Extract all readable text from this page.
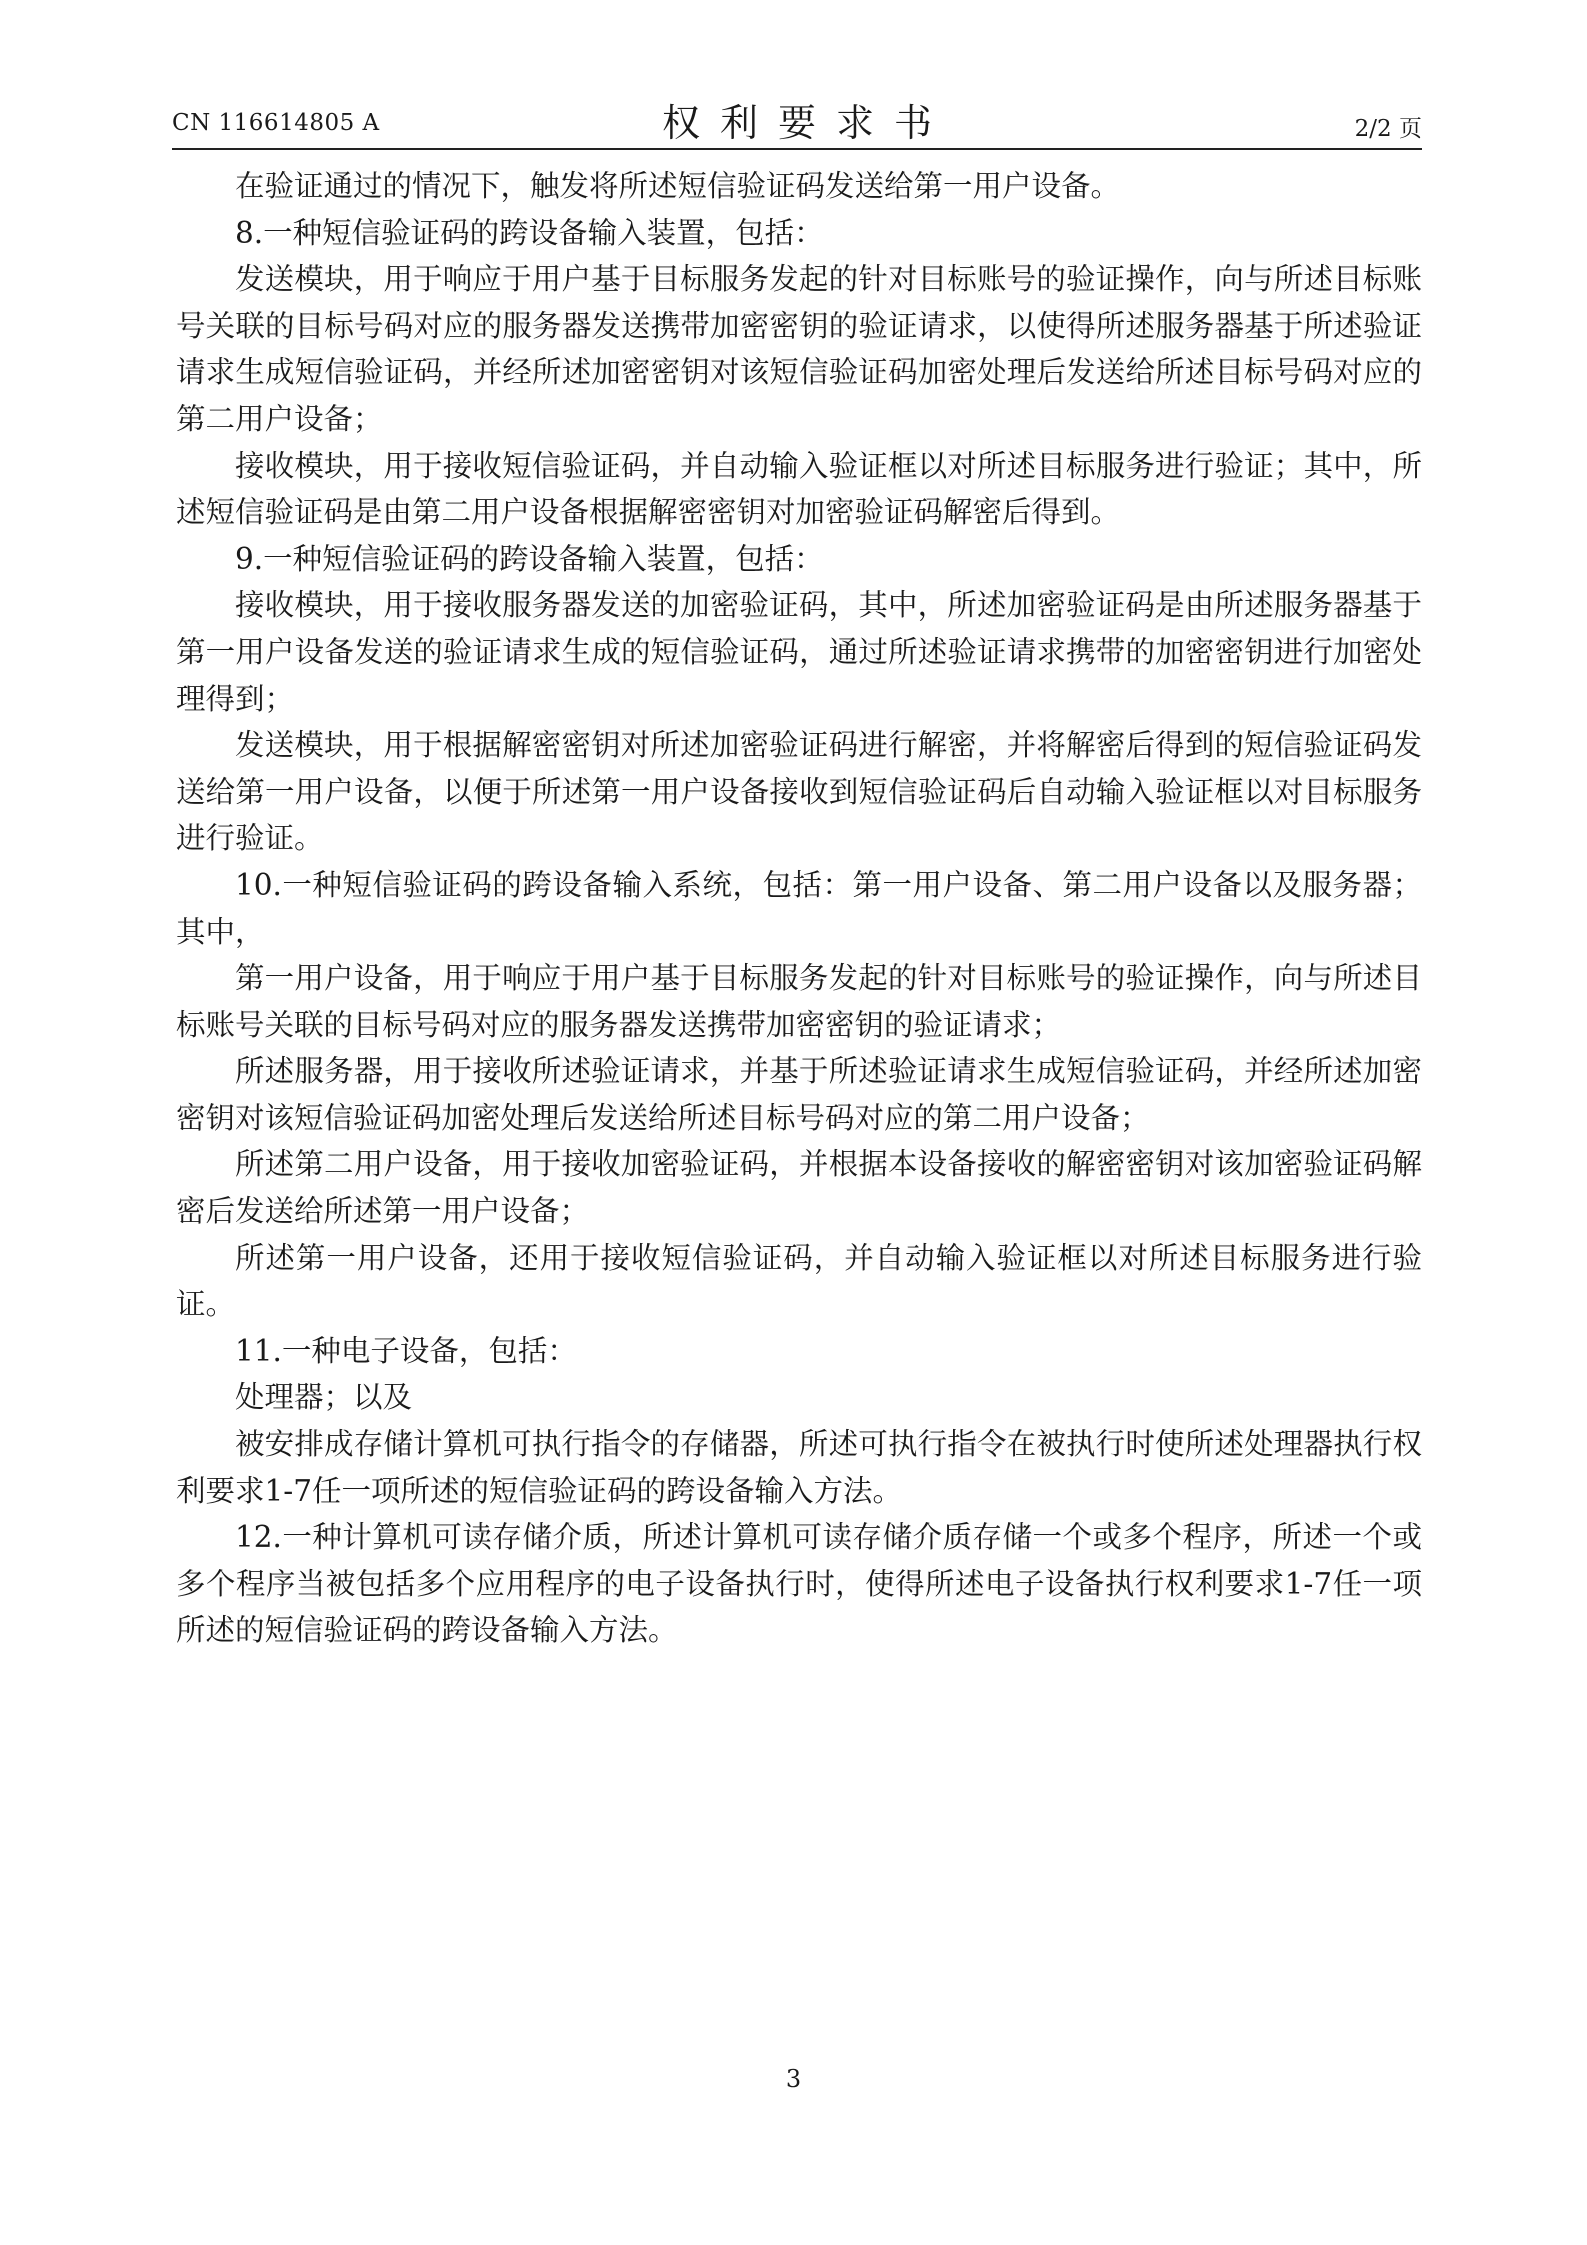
CN 116614805 A	权利要求书	2/2 页

在验证通过的情况下，触发将所述短信验证码发送给第一用户设备。

8.一种短信验证码的跨设备输入装置，包括：

发送模块，用于响应于用户基于目标服务发起的针对目标账号的验证操作，向与所述目标账号关联的目标号码对应的服务器发送携带加密密钥的验证请求，以使得所述服务器基于所述验证请求生成短信验证码，并经所述加密密钥对该短信验证码加密处理后发送给所述目标号码对应的第二用户设备；

接收模块，用于接收短信验证码，并自动输入验证框以对所述目标服务进行验证；其中，所述短信验证码是由第二用户设备根据解密密钥对加密验证码解密后得到。

9.一种短信验证码的跨设备输入装置，包括：

接收模块，用于接收服务器发送的加密验证码，其中，所述加密验证码是由所述服务器基于第一用户设备发送的验证请求生成的短信验证码，通过所述验证请求携带的加密密钥进行加密处理得到；

发送模块，用于根据解密密钥对所述加密验证码进行解密，并将解密后得到的短信验证码发送给第一用户设备，以便于所述第一用户设备接收到短信验证码后自动输入验证框以对目标服务进行验证。

10.一种短信验证码的跨设备输入系统，包括：第一用户设备、第二用户设备以及服务器；其中，

第一用户设备，用于响应于用户基于目标服务发起的针对目标账号的验证操作，向与所述目标账号关联的目标号码对应的服务器发送携带加密密钥的验证请求；

所述服务器，用于接收所述验证请求，并基于所述验证请求生成短信验证码，并经所述加密密钥对该短信验证码加密处理后发送给所述目标号码对应的第二用户设备；

所述第二用户设备，用于接收加密验证码，并根据本设备接收的解密密钥对该加密验证码解密后发送给所述第一用户设备；

所述第一用户设备，还用于接收短信验证码，并自动输入验证框以对所述目标服务进行验证。

11.一种电子设备，包括：

处理器；以及

被安排成存储计算机可执行指令的存储器，所述可执行指令在被执行时使所述处理器执行权利要求1-7任一项所述的短信验证码的跨设备输入方法。

12.一种计算机可读存储介质，所述计算机可读存储介质存储一个或多个程序，所述一个或多个程序当被包括多个应用程序的电子设备执行时，使得所述电子设备执行权利要求1-7任一项所述的短信验证码的跨设备输入方法。

3
